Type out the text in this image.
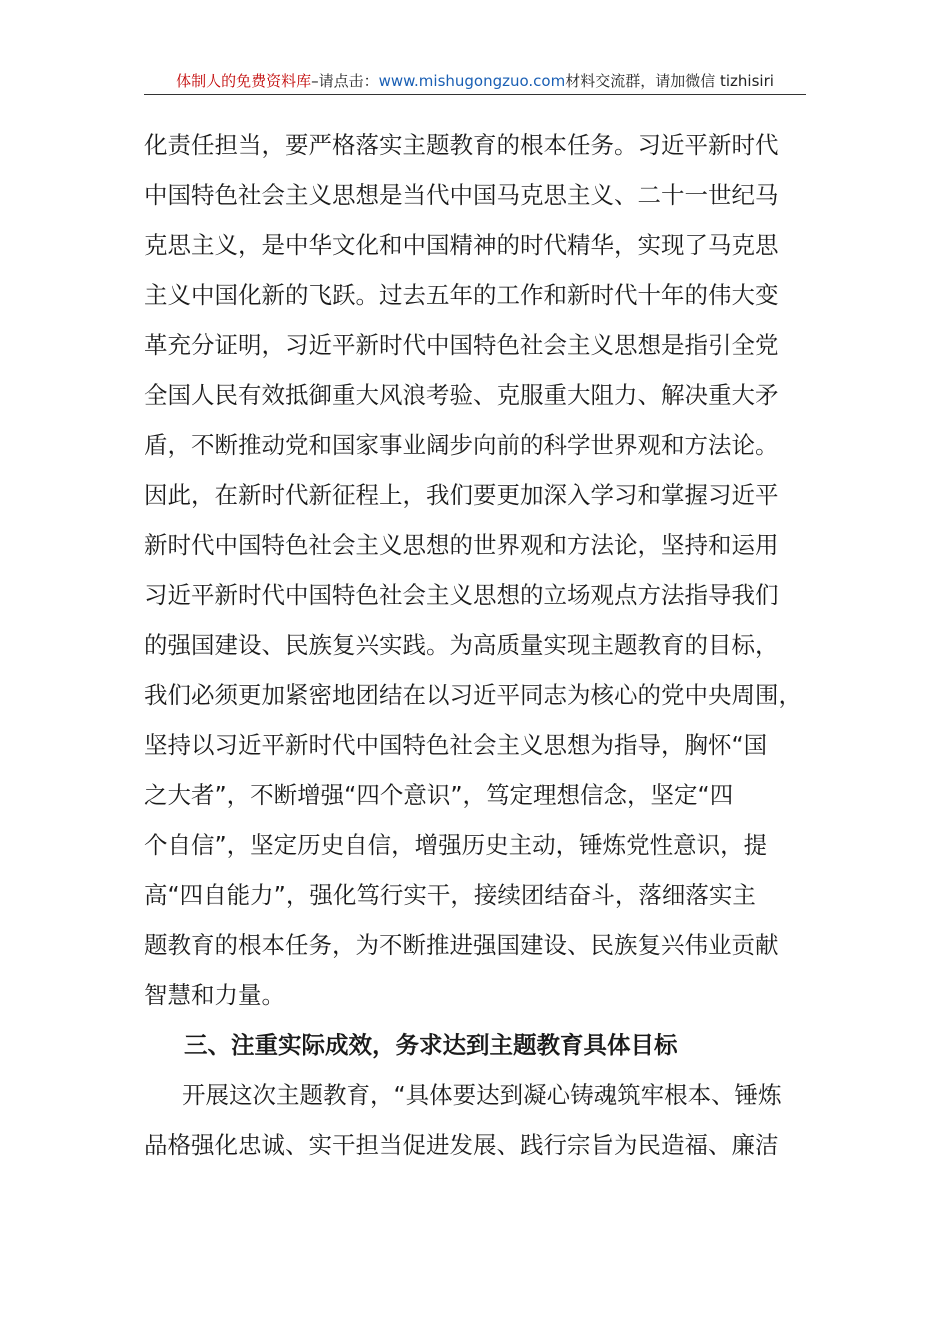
体制人的免费资料库–请点击：www.mishugongzuo.com材料交流群，请加微信 tizhisiri
化责任担当，要严格落实主题教育的根本任务。习近平新时代
中国特色社会主义思想是当代中国马克思主义、二十一世纪马
克思主义，是中华文化和中国精神的时代精华，实现了马克思
主义中国化新的飞跃。过去五年的工作和新时代十年的伟大变
革充分证明，习近平新时代中国特色社会主义思想是指引全党
全国人民有效抵御重大风浪考验、克服重大阻力、解决重大矛
盾，不断推动党和国家事业阔步向前的科学世界观和方法论。
因此，在新时代新征程上，我们要更加深入学习和掌握习近平
新时代中国特色社会主义思想的世界观和方法论，坚持和运用
习近平新时代中国特色社会主义思想的立场观点方法指导我们
的强国建设、民族复兴实践。为高质量实现主题教育的目标，
我们必须更加紧密地团结在以习近平同志为核心的党中央周围，
坚持以习近平新时代中国特色社会主义思想为指导，胸怀“国
之大者”，不断增强“四个意识”，笃定理想信念，坚定“四
个自信”，坚定历史自信，增强历史主动，锤炼党性意识，提
高“四自能力”，强化笃行实干，接续团结奋斗，落细落实主
题教育的根本任务，为不断推进强国建设、民族复兴伟业贡献
智慧和力量。
三、注重实际成效，务求达到主题教育具体目标
开展这次主题教育，“具体要达到凝心铸魂筑牢根本、锤炼
品格强化忠诚、实干担当促进发展、践行宗旨为民造福、廉洁
